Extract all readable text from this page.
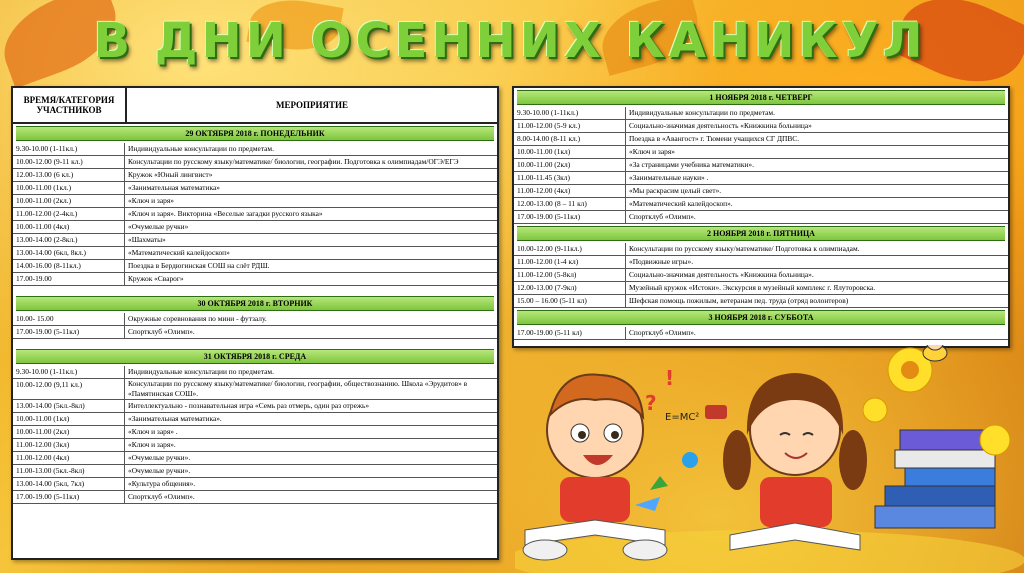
В ДНИ ОСЕННИХ КАНИКУЛ
ВРЕМЯ/КАТЕГОРИЯ УЧАСТНИКОВ	МЕРОПРИЯТИЕ
29 ОКТЯБРЯ 2018 г. ПОНЕДЕЛЬНИК
9.30-10.00 (1-11кл.)	Индивидуальные консультации по предметам.
10.00-12.00 (9-11 кл.)	Консультации по русскому языку/математике/ биологии, географии. Подготовка к олимпиадам/ОГЭ/ЕГЭ
12.00-13.00 (6 кл.)	Кружок «Юный лингвист»
10.00-11.00 (1кл.)	«Занимательная математика»
10.00-11.00 (2кл.)	«Ключ и заря»
11.00-12.00 (2-4кл.)	«Ключ и заря». Викторина «Веселые загадки русского языка»
10.00-11.00 (4кл)	«Очумелые ручки»
13.00-14.00 (2-8кл.)	«Шахматы»
13.00-14.00 (6кл, 8кл.)	«Математический калейдоскоп»
14.00-16.00 (8-11кл.)	Поездка в Бердюгинская СОШ на слёт РДШ.
17.00-19.00	Кружок «Сварог»
30 ОКТЯБРЯ 2018 г. ВТОРНИК
10.00- 15.00	Окружные соревнования по мини - футзалу.
17.00-19.00 (5-11кл)	Спортклуб «Олимп».
31 ОКТЯБРЯ 2018 г. СРЕДА
9.30-10.00 (1-11кл.)	Индивидуальные консультации по предметам.
10.00-12.00 (9,11 кл.)	Консультации по русскому языку/математике/ биологии, географии, обществознанию. Школа «Эрудитов» в «Памятинская СОШ».
13.00-14.00 (5кл.-8кл)	Интеллектуально - познавательная игра «Семь раз отмерь, один раз отрежь»
10.00-11.00 (1кл)	«Занимательная математика».
10.00-11.00 (2кл)	«Ключ и заря» .
11.00-12.00 (3кл)	«Ключ и заря».
11.00-12.00 (4кл)	«Очумелые ручки».
11.00-13.00 (5кл.-8кл)	«Очумелые ручки».
13.00-14.00 (5кл, 7кл)	«Культура общения».
17.00-19.00 (5-11кл)	Спортклуб «Олимп».
1 НОЯБРЯ 2018 г. ЧЕТВЕРГ
9.30-10.00 (1-11кл.)	Индивидуальные консультации по предметам.
11.00-12.00 (5-9 кл.)	Социально-значимая деятельность «Книжкина больница»
8.00-14.00 (8-11 кл.)	Поездка в «Авангост» г. Тюмени учащихся СГ ДПВС.
10.00-11.00 (1кл)	«Ключ и заря»
10.00-11.00 (2кл)	«За страницами учебника математики».
11.00-11.45 (3кл)	«Занимательные науки» .
11.00-12.00 (4кл)	«Мы раскрасим целый свет».
12.00-13.00 (8 – 11 кл)	«Математический калейдоскоп».
17.00-19.00 (5-11кл)	Спортклуб «Олимп».
2 НОЯБРЯ 2018 г. ПЯТНИЦА
10.00-12.00 (9-11кл.)	Консультации по русскому языку/математике/ Подготовка к олимпиадам.
11.00-12.00 (1-4 кл)	«Подвижные игры».
11.00-12.00 (5-8кл)	Социально-значимая деятельность «Книжкина больница».
12.00-13.00 (7-9кл)	Музейный кружок «Истоки». Экскурсия в музейный комплекс г. Ялуторовска.
15.00 – 16.00 (5-11 кл)	Шефская помощь пожилым, ветеранам пед. труда (отряд волонтеров)
3 НОЯБРЯ 2018 г. СУББОТА
17.00-19.00 (5-11 кл)	Спортклуб «Олимп».
E=MC²
!
?
